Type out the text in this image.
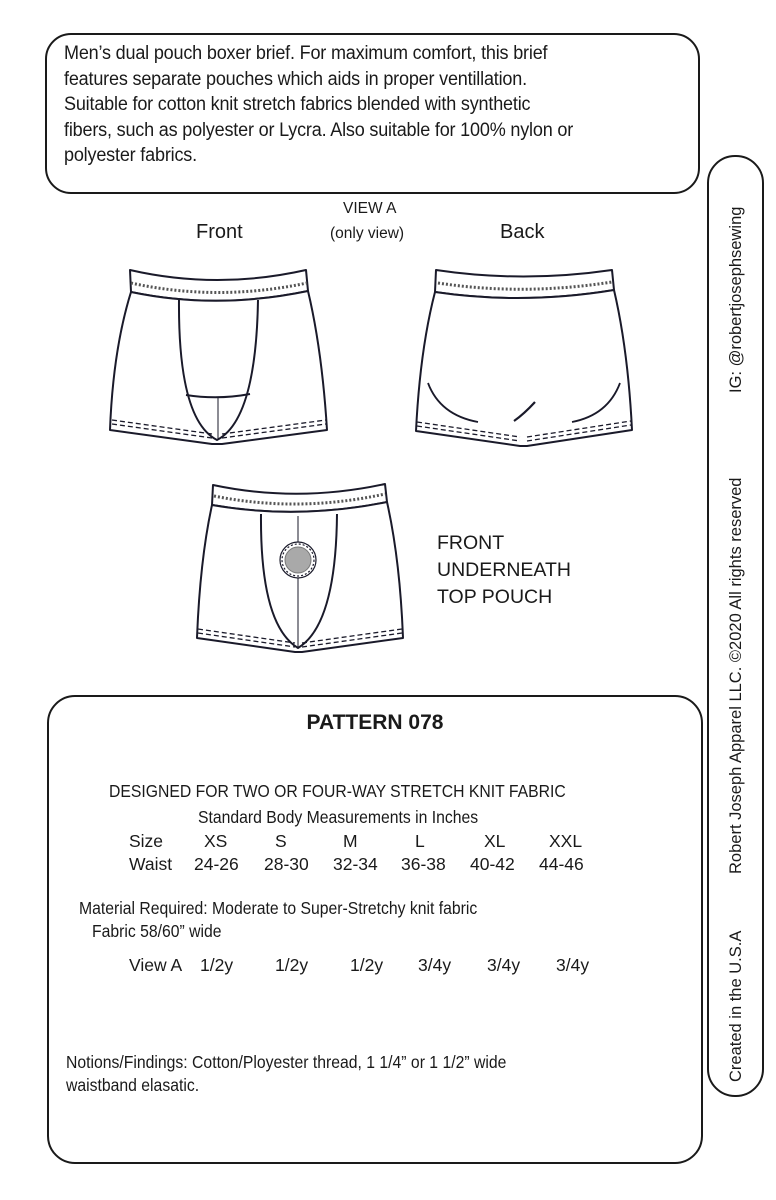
Men’s dual pouch boxer brief. For maximum comfort, this brief
features separate pouches which aids in proper ventillation.
Suitable for cotton knit stretch fabrics blended with synthetic
fibers, such as polyester or Lycra. Also suitable for 100% nylon or
polyester fabrics.
Created in the U.S.A
Robert Joseph Apparel LLC. ©2020 All rights reserved
IG: @robertjosephsewing
VIEW A
(only view)
Front	Back
FRONT
UNDERNEATH
TOP POUCH
PATTERN 078
DESIGNED FOR TWO OR FOUR-WAY STRETCH KNIT FABRIC
Standard Body Measurements in Inches
Size XS	S	M	L	XL XXL
Waist 24-26 28-30 32-34 36-38 40-42 44-46
Material Required: Moderate to Super-Stretchy knit fabric
Fabric 58/60” wide
View A 1/2y 1/2y 1/2y 3/4y 3/4y 3/4y
Notions/Findings: Cotton/Ployester thread, 1 1/4” or 1 1/2” wide
waistband elasatic.
